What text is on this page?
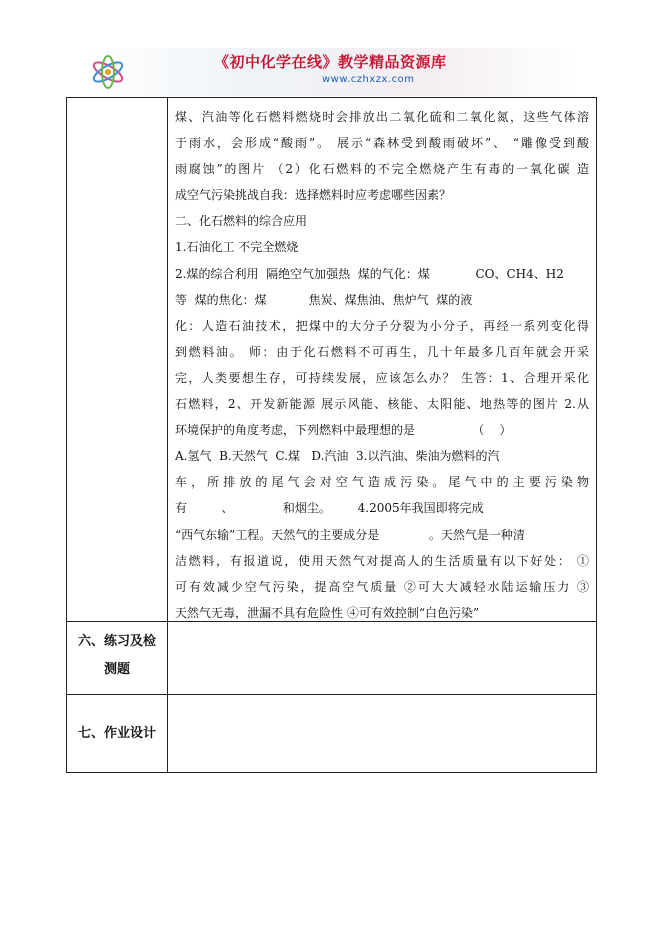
《初中化学在线》教学精品资源库
www.czhxzx.com
煤、汽油等化石燃料燃烧时会排放出二氧化硫和二氧化氮，这些气体溶
于雨水，会形成“酸雨”。 展示“森林受到酸雨破坏”、 “雕像受到酸
雨腐蚀”的图片 （2）化石燃料的不完全燃烧产生有毒的一氧化碳 造
成空气污染挑战自我：选择燃料时应考虑哪些因素？
二、化石燃料的综合应用
1.石油化工 不完全燃烧
2.煤的综合利用  隔绝空气加强热  煤的气化：煤            CO、CH4、H2
等  煤的焦化：煤           焦炭、煤焦油、焦炉气  煤的液
化：人造石油技术，把煤中的大分子分裂为小分子，再经一系列变化得
到燃料油。 师：由于化石燃料不可再生，几十年最多几百年就会开采
完，人类要想生存，可持续发展，应该怎么办？ 生答：1、合理开采化
石燃料，2、开发新能源 展示风能、核能、太阳能、地热等的图片 2.从
环境保护的角度考虑，下列燃料中最理想的是               （    ）
A.氢气  B.天然气  C.煤   D.汽油  3.以汽油、柴油为燃料的汽
车，所排放的尾气会对空气造成污染。尾气中的主要污染物
有         、             和烟尘。       4.2005年我国即将完成
“西气东输”工程。天然气的主要成分是             。天然气是一种清
洁燃料，有报道说，使用天然气对提高人的生活质量有以下好处： ①
可有效减少空气污染，提高空气质量 ②可大大减轻水陆运输压力 ③
天然气无毒，泄漏不具有危险性 ④可有效控制“白色污染”
六、练习及检
测题
七、作业设计
